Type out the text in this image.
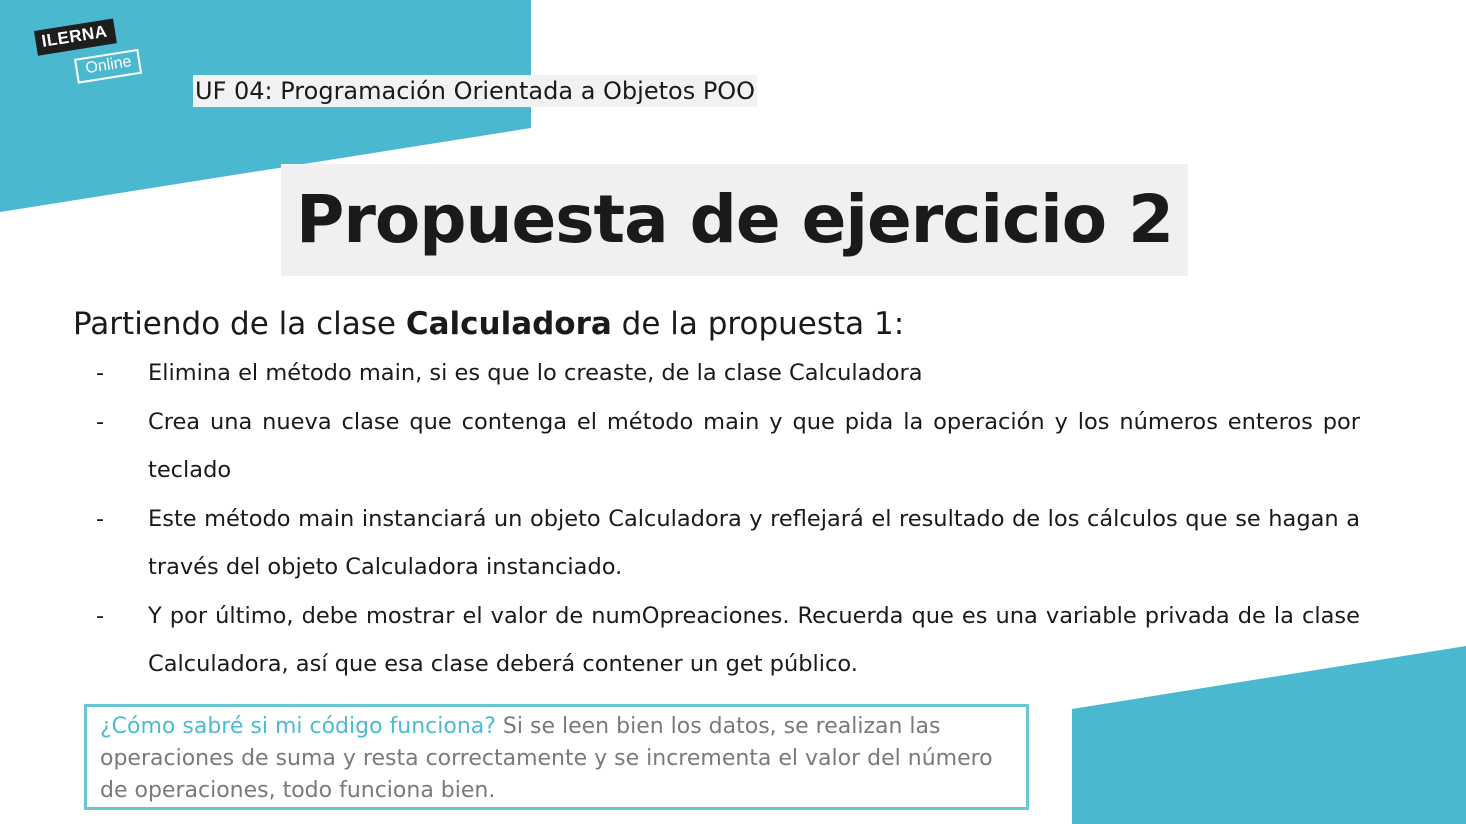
ILERNA
Online
UF 04: Programación Orientada a Objetos POO
Propuesta de ejercicio 2
Partiendo de la clase Calculadora de la propuesta 1:
- Elimina el método main, si es que lo creaste, de la clase Calculadora
- Crea una nueva clase que contenga el método main y que pida la operación y los números enteros por teclado
- Este método main instanciará un objeto Calculadora y reflejará el resultado de los cálculos que se hagan a través del objeto Calculadora instanciado.
- Y por último, debe mostrar el valor de numOpreaciones. Recuerda que es una variable privada de la clase Calculadora, así que esa clase deberá contener un get público.
¿Cómo sabré si mi código funciona? Si se leen bien los datos, se realizan las operaciones de suma y resta correctamente y se incrementa el valor del número de operaciones, todo funciona bien.
